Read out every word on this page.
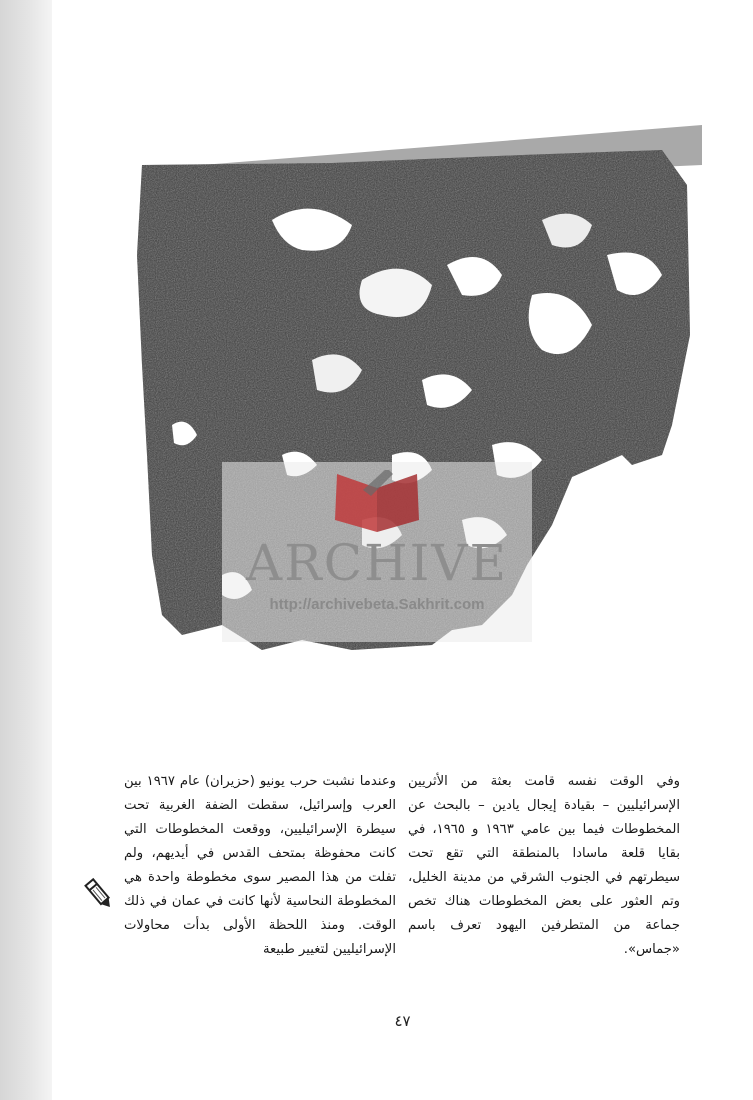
ARCHIVE
http://archivebeta.Sakhrit.com

وفي الوقت نفسه قامت بعثة من الأثريين الإسرائيليين – بقيادة إيجال يادين – بالبحث عن المخطوطات فيما بين عامي ١٩٦٣ و ١٩٦٥، في بقايا قلعة ماسادا بالمنطقة التي تقع تحت سيطرتهم في الجنوب الشرقي من مدينة الخليل، وتم العثور على بعض المخطوطات هناك تخص جماعة من المتطرفين اليهود تعرف باسم «جماس».

وعندما نشبت حرب يونيو (حزيران) عام ١٩٦٧ بين العرب وإسرائيل، سقطت الضفة الغربية تحت سيطرة الإسرائيليين، ووقعت المخطوطات التي كانت محفوظة بمتحف القدس في أيديهم، ولم تفلت من هذا المصير سوى مخطوطة واحدة هي المخطوطة النحاسية لأنها كانت في عمان في ذلك الوقت. ومنذ اللحظة الأولى بدأت محاولات الإسرائيليين لتغيير طبيعة

٤٧
